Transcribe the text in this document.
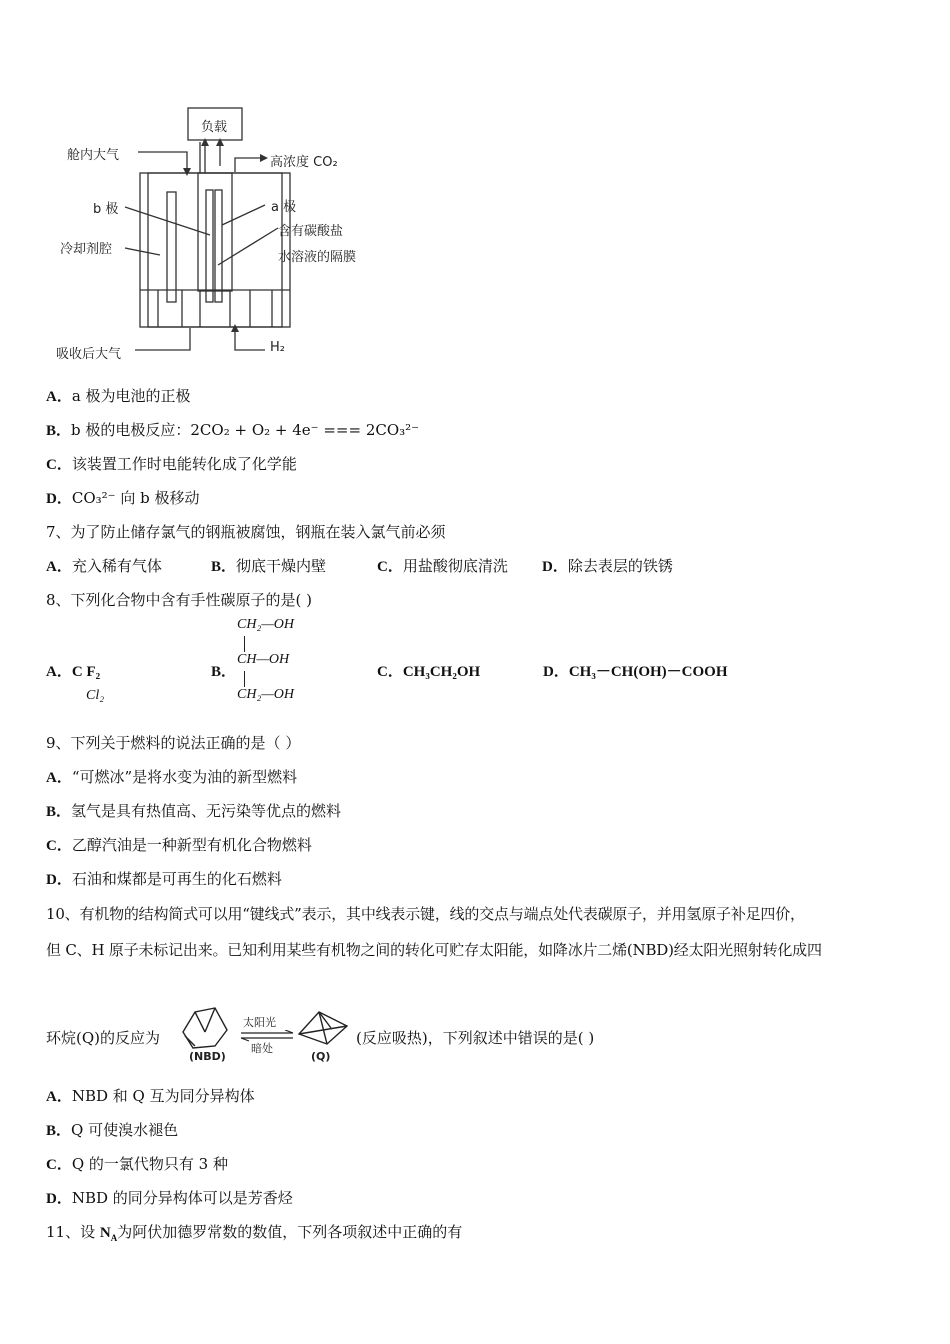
负载
舱内大气	高浓度 CO₂
b 极	a 极
冷却剂腔
含有碳酸盐
水溶液的隔膜
吸收后大气	H₂
A．a 极为电池的正极
B．b 极的电极反应：2CO₂ + O₂ + 4e⁻ === 2CO₃²⁻
C．该装置工作时电能转化成了化学能
D．CO₃²⁻ 向 b 极移动
7、为了防止储存氯气的钢瓶被腐蚀，钢瓶在装入氯气前必须
A．充入稀有气体	B．彻底干燥内壁	C．用盐酸彻底清洗 D．除去表层的铁锈
8、下列化合物中含有手性碳原子的是( )
A．C F₂
Cl₂
B．
CH₂—OH
CH—OH
CH₂—OH
C．CH₃CH₂OH	D．CH₃－CH(OH)－COOH
9、下列关于燃料的说法正确的是（ ）
A．“可燃冰”是将水变为油的新型燃料
B．氢气是具有热值高、无污染等优点的燃料
C．乙醇汽油是一种新型有机化合物燃料
D．石油和煤都是可再生的化石燃料
10、有机物的结构简式可以用“键线式”表示，其中线表示键，线的交点与端点处代表碳原子，并用氢原子补足四价，
但 C、H 原子未标记出来。已知利用某些有机物之间的转化可贮存太阳能，如降冰片二烯(NBD)经太阳光照射转化成四
环烷(Q)的反应为
(NBD)
太阳光
暗处
(Q)
(反应吸热)，下列叙述中错误的是( )
A．NBD 和 Q 互为同分异构体
B．Q 可使溴水褪色
C．Q 的一氯代物只有 3 种
D．NBD 的同分异构体可以是芳香烃
11、设 $N_A$为阿伏加德罗常数的数值，下列各项叙述中正确的有
